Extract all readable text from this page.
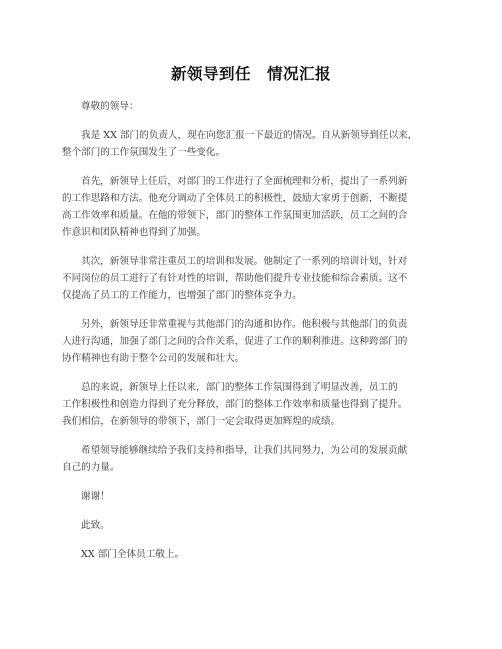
新领导到任　情况汇报
尊敬的领导：
我是 XX 部门的负责人，现在向您汇报一下最近的情况。自从新领导到任以来，
整个部门的工作氛围发生了一些变化。
首先，新领导上任后，对部门的工作进行了全面梳理和分析，提出了一系列新
的工作思路和方法。他充分调动了全体员工的积极性，鼓励大家勇于创新，不断提
高工作效率和质量。在他的带领下，部门的整体工作氛围更加活跃，员工之间的合
作意识和团队精神也得到了加强。
其次，新领导非常注重员工的培训和发展。他制定了一系列的培训计划，针对
不同岗位的员工进行了有针对性的培训，帮助他们提升专业技能和综合素质。这不
仅提高了员工的工作能力，也增强了部门的整体竞争力。
另外，新领导还非常重视与其他部门的沟通和协作。他积极与其他部门的负责
人进行沟通，加强了部门之间的合作关系，促进了工作的顺利推进。这种跨部门的
协作精神也有助于整个公司的发展和壮大。
总的来说，新领导上任以来，部门的整体工作氛围得到了明显改善，员工的
工作积极性和创造力得到了充分释放，部门的整体工作效率和质量也得到了提升。
我们相信，在新领导的带领下，部门一定会取得更加辉煌的成绩。
希望领导能够继续给予我们支持和指导，让我们共同努力，为公司的发展贡献
自己的力量。
谢谢！
此致。
XX 部门全体员工敬上。
